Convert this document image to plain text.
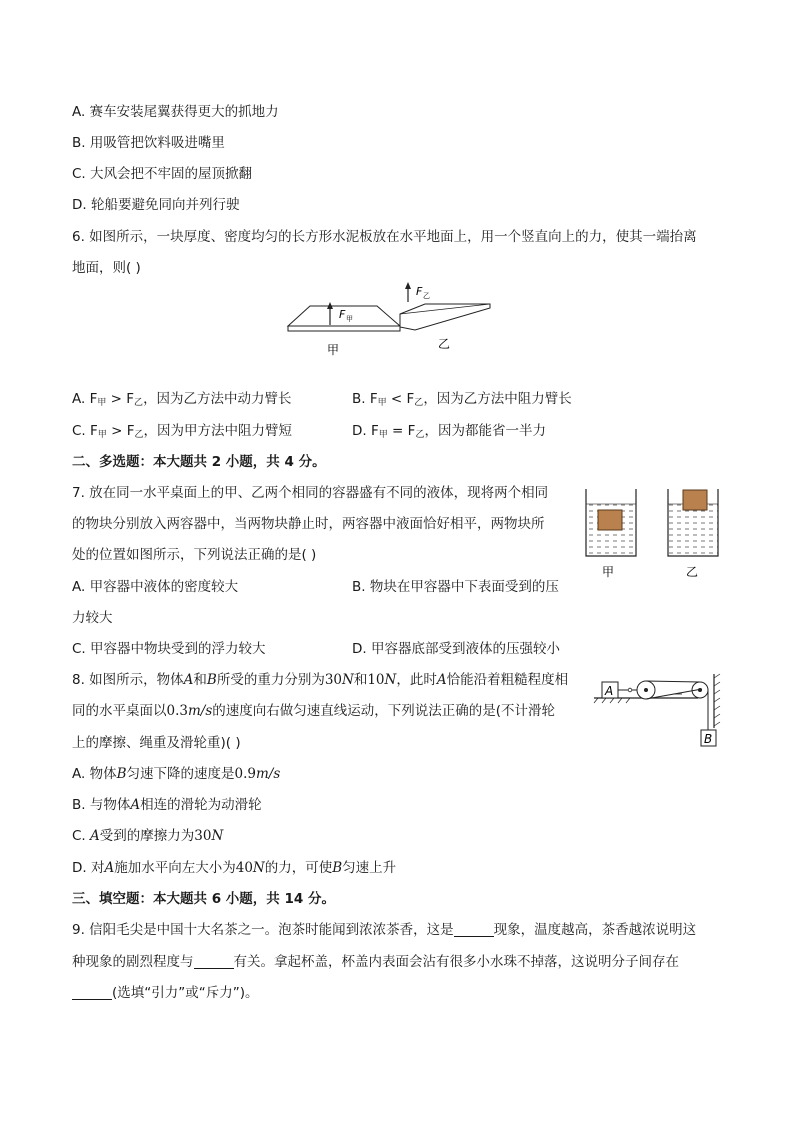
A. 赛车安装尾翼获得更大的抓地力
B. 用吸管把饮料吸进嘴里
C. 大风会把不牢固的屋顶掀翻
D. 轮船要避免同向并列行驶
6. 如图所示，一块厚度、密度均匀的长方形水泥板放在水平地面上，用一个竖直向上的力，使其一端抬离
地面，则( )
F 甲
F 乙
甲	乙
A. $F_甲 > F_乙$，因为乙方法中动力臂长	B. $F_甲 < F_乙$，因为乙方法中阻力臂长
C. $F_甲 > F_乙$，因为甲方法中阻力臂短	D. $F_甲 = F_乙$，因为都能省一半力
二、多选题：本大题共 2 小题，共 4 分。
7. 放在同一水平桌面上的甲、乙两个相同的容器盛有不同的液体，现将两个相同
的物块分别放入两容器中，当两物块静止时，两容器中液面恰好相平，两物块所
处的位置如图所示，下列说法正确的是( )
A. 甲容器中液体的密度较大	B. 物块在甲容器中下表面受到的压
力较大
C. 甲容器中物块受到的浮力较大	D. 甲容器底部受到液体的压强较小
甲	乙
8. 如图所示，物体A和B所受的重力分别为30N和10N，此时A恰能沿着粗糙程度相
同的水平桌面以0.3m/s的速度向右做匀速直线运动，下列说法正确的是(不计滑轮
上的摩擦、绳重及滑轮重)( )
A. 物体B匀速下降的速度是0.9m/s
B. 与物体A相连的滑轮为动滑轮
C. A受到的摩擦力为30N
D. 对A施加水平向左大小为40N的力，可使B匀速上升
A
B
三、填空题：本大题共 6 小题，共 14 分。
9. 信阳毛尖是中国十大名茶之一。泡茶时能闻到浓浓茶香，这是	现象，温度越高，茶香越浓说明这
种现象的剧烈程度与	有关。拿起杯盖，杯盖内表面会沾有很多小水珠不掉落，这说明分子间存在
(选填“引力”或“斥力”)。
